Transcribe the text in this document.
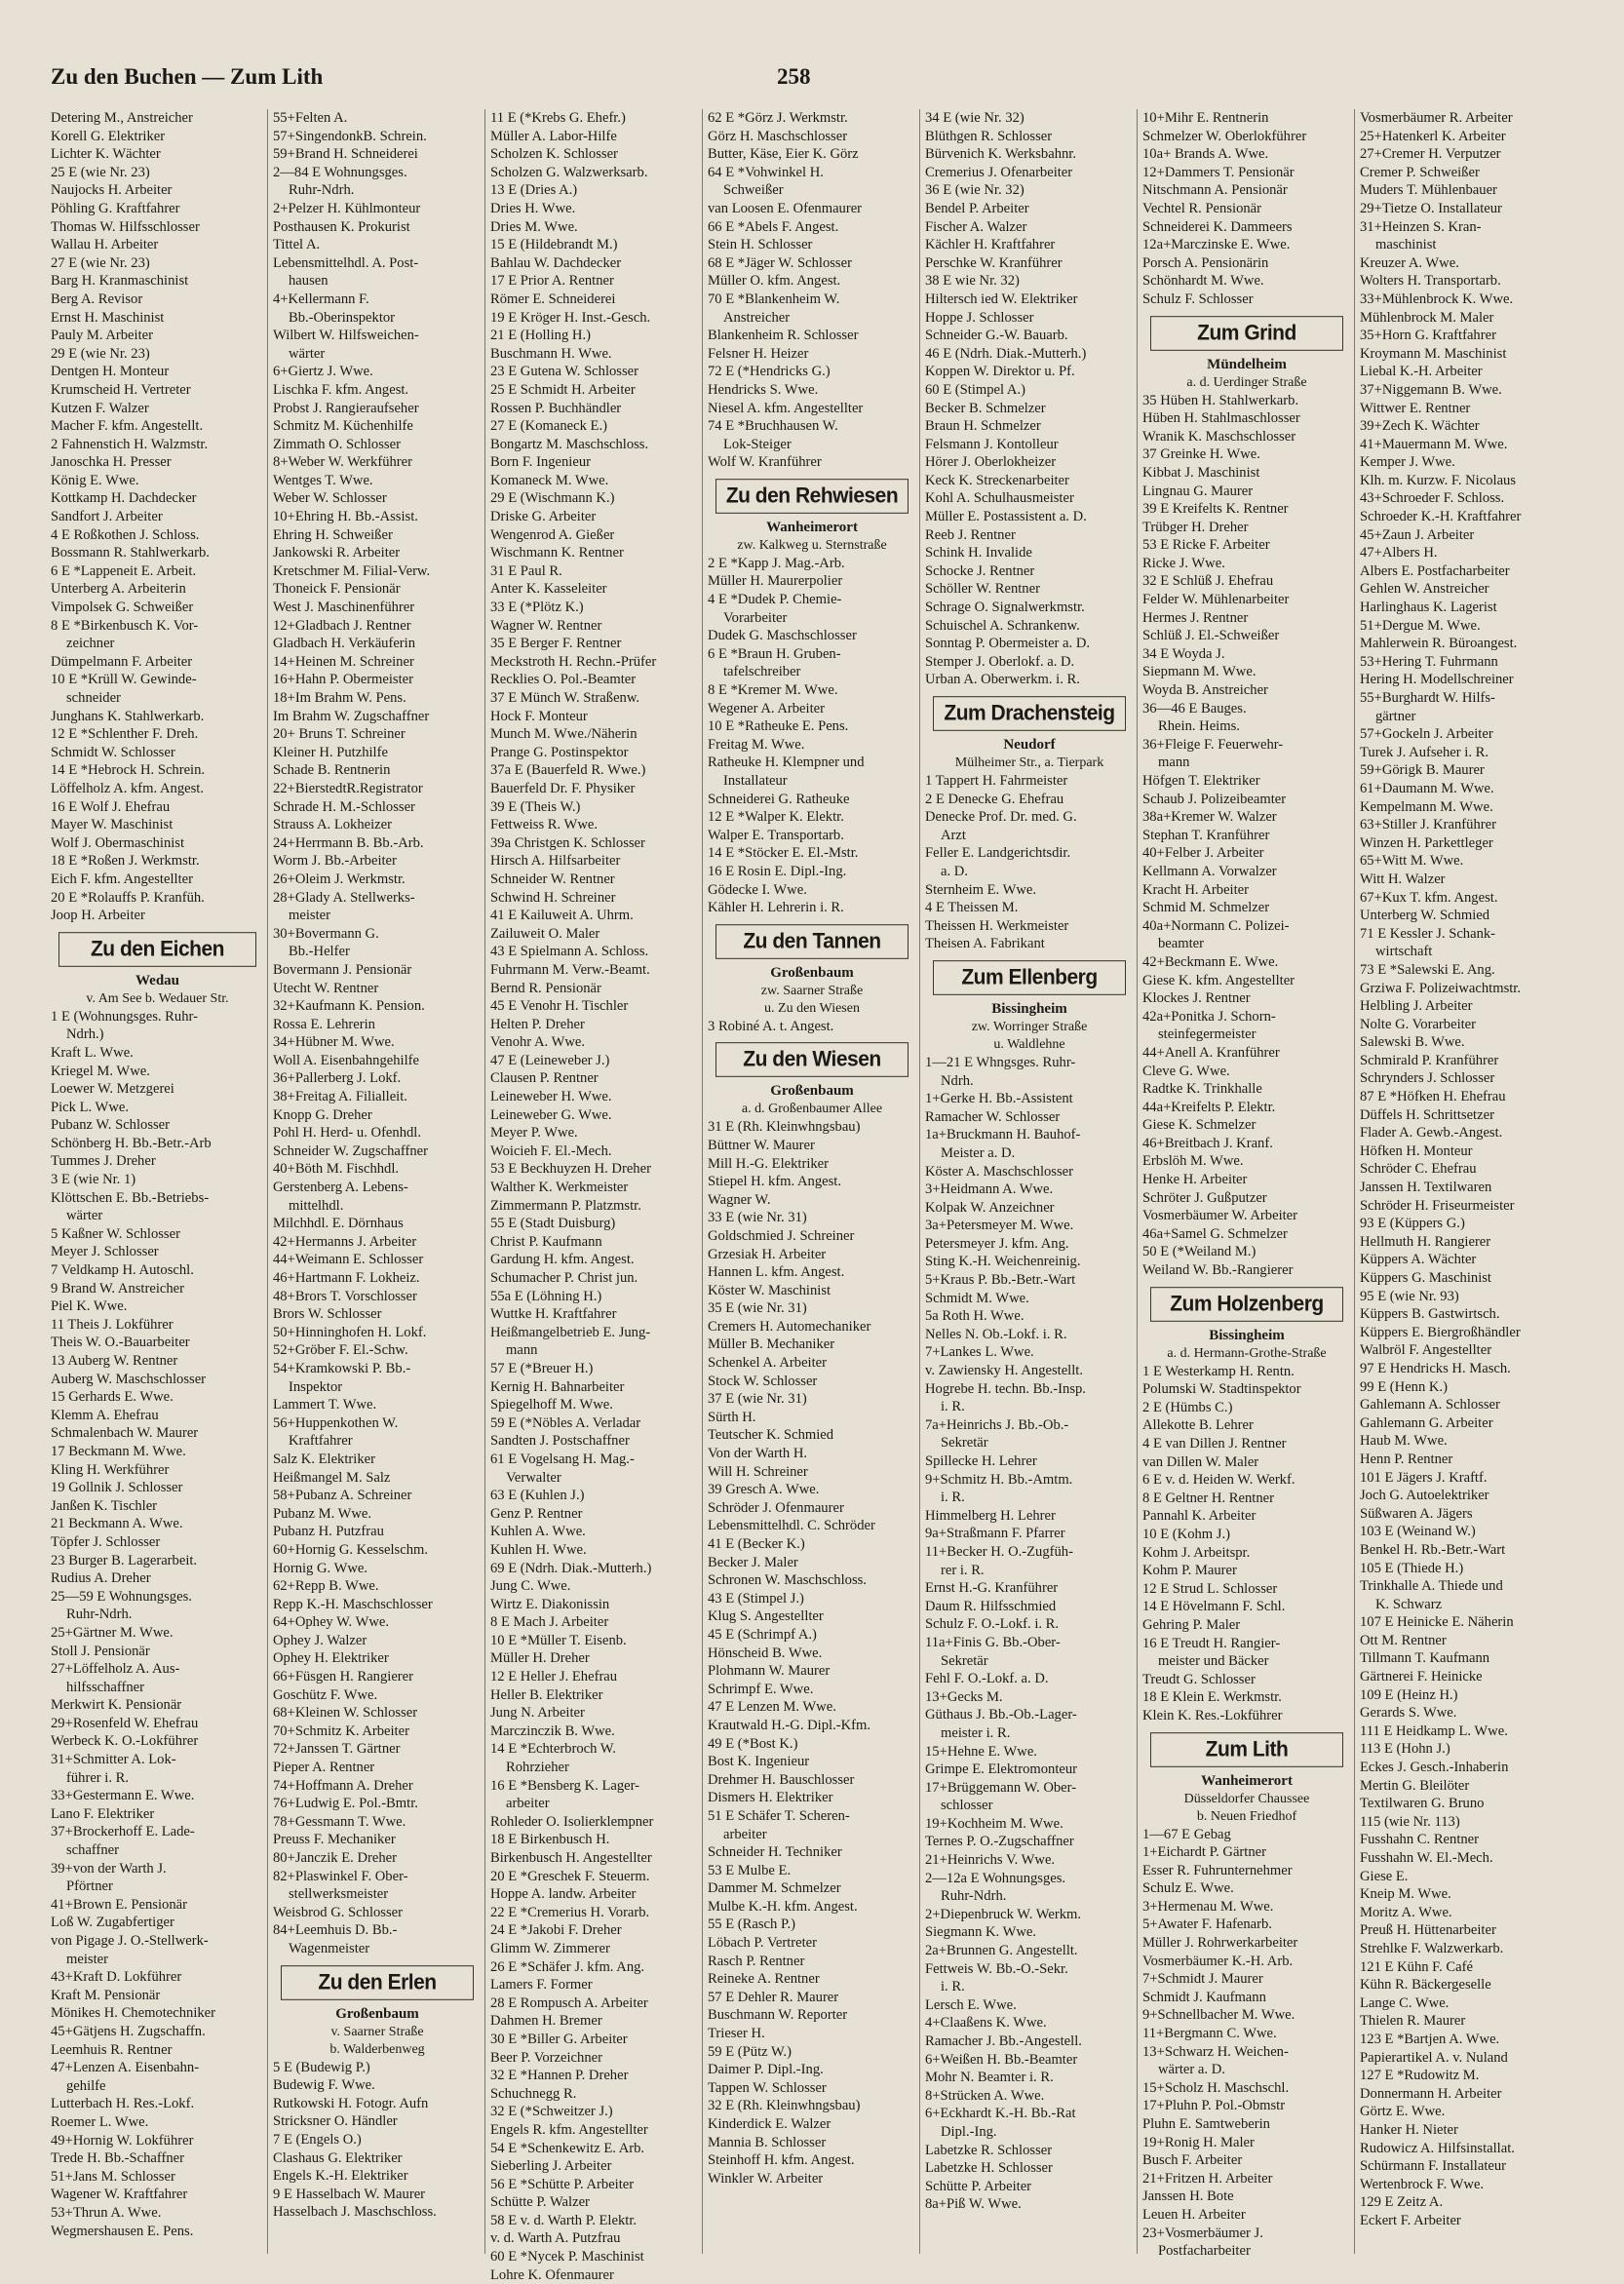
Zu den Buchen — Zum Lith	258
Detering M., Anstreicher
Korell G. Elektriker
Lichter K. Wächter
25 E (wie Nr. 23)
Naujocks H. Arbeiter
Pöhling G. Kraftfahrer
Thomas W. Hilfsschlosser
Wallau H. Arbeiter
27 E (wie Nr. 23)
Barg H. Kranmaschinist
Berg A. Revisor
Ernst H. Maschinist
Pauly M. Arbeiter
29 E (wie Nr. 23)
Dentgen H. Monteur
Krumscheid H. Vertreter
Kutzen F. Walzer
Macher F. kfm. Angestellt.
2 Fahnenstich H. Walzmstr.
Janoschka H. Presser
König E. Wwe.
Kottkamp H. Dachdecker
Sandfort J. Arbeiter
4 E Roßkothen J. Schloss.
Bossmann R. Stahlwerkarb.
6 E *Lappeneit E. Arbeit.
Unterberg A. Arbeiterin
Vimpolsek G. Schweißer
8 E *Birkenbusch K. Vor-
zeichner
Dümpelmann F. Arbeiter
10 E *Krüll W. Gewinde-
schneider
Junghans K. Stahlwerkarb.
12 E *Schlenther F. Dreh.
Schmidt W. Schlosser
14 E *Hebrock H. Schrein.
Löffelholz A. kfm. Angest.
16 E Wolf J. Ehefrau
Mayer W. Maschinist
Wolf J. Obermaschinist
18 E *Roßen J. Werkmstr.
Eich F. kfm. Angestellter
20 E *Rolauffs P. Kranfüh.
Joop H. Arbeiter
Zu den Eichen
Wedau
v. Am See b. Wedauer Str.
1 E (Wohnungsges. Ruhr-
Ndrh.)
Kraft L. Wwe.
Kriegel M. Wwe.
Loewer W. Metzgerei
Pick L. Wwe.
Pubanz W. Schlosser
Schönberg H. Bb.-Betr.-Arb
Tummes J. Dreher
3 E (wie Nr. 1)
Klöttschen E. Bb.-Betriebs-
wärter
5 Kaßner W. Schlosser
Meyer J. Schlosser
7 Veldkamp H. Autoschl.
9 Brand W. Anstreicher
Piel K. Wwe.
11 Theis J. Lokführer
Theis W. O.-Bauarbeiter
13 Auberg W. Rentner
Auberg W. Maschschlosser
15 Gerhards E. Wwe.
Klemm A. Ehefrau
Schmalenbach W. Maurer
17 Beckmann M. Wwe.
Kling H. Werkführer
19 Gollnik J. Schlosser
Janßen K. Tischler
21 Beckmann A. Wwe.
Töpfer J. Schlosser
23 Burger B. Lagerarbeit.
Rudius A. Dreher
25—59 E Wohnungsges.
Ruhr-Ndrh.
25+Gärtner M. Wwe.
Stoll J. Pensionär
27+Löffelholz A. Aus-
hilfsschaffner
Merkwirt K. Pensionär
29+Rosenfeld W. Ehefrau
Werbeck K. O.-Lokführer
31+Schmitter A. Lok-
führer i. R.
33+Gestermann E. Wwe.
Lano F. Elektriker
37+Brockerhoff E. Lade-
schaffner
39+von der Warth J.
Pförtner
41+Brown E. Pensionär
Loß W. Zugabfertiger
von Pigage J. O.-Stellwerk-
meister
43+Kraft D. Lokführer
Kraft M. Pensionär
Mönikes H. Chemotechniker
45+Gätjens H. Zugschaffn.
Leemhuis R. Rentner
47+Lenzen A. Eisenbahn-
gehilfe
Lutterbach H. Res.-Lokf.
Roemer L. Wwe.
49+Hornig W. Lokführer
Trede H. Bb.-Schaffner
51+Jans M. Schlosser
Wagener W. Kraftfahrer
53+Thrun A. Wwe.
Wegmershausen E. Pens.
55+Felten A.
57+SingendonkB. Schrein.
59+Brand H. Schneiderei
2—84 E Wohnungsges.
Ruhr-Ndrh.
2+Pelzer H. Kühlmonteur
Posthausen K. Prokurist
Tittel A.
Lebensmittelhdl. A. Post-
hausen
4+Kellermann F.
Bb.-Oberinspektor
Wilbert W. Hilfsweichen-
wärter
6+Giertz J. Wwe.
Lischka F. kfm. Angest.
Probst J. Rangieraufseher
Schmitz M. Küchenhilfe
Zimmath O. Schlosser
8+Weber W. Werkführer
Wentges T. Wwe.
Weber W. Schlosser
10+Ehring H. Bb.-Assist.
Ehring H. Schweißer
Jankowski R. Arbeiter
Kretschmer M. Filial-Verw.
Thoneick F. Pensionär
West J. Maschinenführer
12+Gladbach J. Rentner
Gladbach H. Verkäuferin
14+Heinen M. Schreiner
16+Hahn P. Obermeister
18+Im Brahm W. Pens.
Im Brahm W. Zugschaffner
20+ Bruns T. Schreiner
Kleiner H. Putzhilfe
Schade B. Rentnerin
22+BierstedtR.Registrator
Schrade H. M.-Schlosser
Strauss A. Lokheizer
24+Herrmann B. Bb.-Arb.
Worm J. Bb.-Arbeiter
26+Oleim J. Werkmstr.
28+Glady A. Stellwerks-
meister
30+Bovermann G.
Bb.-Helfer
Bovermann J. Pensionär
Utecht W. Rentner
32+Kaufmann K. Pension.
Rossa E. Lehrerin
34+Hübner M. Wwe.
Woll A. Eisenbahngehilfe
36+Pallerberg J. Lokf.
38+Freitag A. Filialleit.
Knopp G. Dreher
Pohl H. Herd- u. Ofenhdl.
Schneider W. Zugschaffner
40+Böth M. Fischhdl.
Gerstenberg A. Lebens-
mittelhdl.
Milchhdl. E. Dörnhaus
42+Hermanns J. Arbeiter
44+Weimann E. Schlosser
46+Hartmann F. Lokheiz.
48+Brors T. Vorschlosser
Brors W. Schlosser
50+Hinninghofen H. Lokf.
52+Gröber F. El.-Schw.
54+Kramkowski P. Bb.-
Inspektor
Lammert T. Wwe.
56+Huppenkothen W.
Kraftfahrer
Salz K. Elektriker
Heißmangel M. Salz
58+Pubanz A. Schreiner
Pubanz M. Wwe.
Pubanz H. Putzfrau
60+Hornig G. Kesselschm.
Hornig G. Wwe.
62+Repp B. Wwe.
Repp K.-H. Maschschlosser
64+Ophey W. Wwe.
Ophey J. Walzer
Ophey H. Elektriker
66+Füsgen H. Rangierer
Goschütz F. Wwe.
68+Kleinen W. Schlosser
70+Schmitz K. Arbeiter
72+Janssen T. Gärtner
Pieper A. Rentner
74+Hoffmann A. Dreher
76+Ludwig E. Pol.-Bmtr.
78+Gessmann T. Wwe.
Preuss F. Mechaniker
80+Janczik E. Dreher
82+Plaswinkel F. Ober-
stellwerksmeister
Weisbrod G. Schlosser
84+Leemhuis D. Bb.-
Wagenmeister
Zu den Erlen
Großenbaum
v. Saarner Straße
b. Walderbenweg
5 E (Budewig P.)
Budewig F. Wwe.
Rutkowski H. Fotogr. Aufn
Stricksner O. Händler
7 E (Engels O.)
Clashaus G. Elektriker
Engels K.-H. Elektriker
9 E Hasselbach W. Maurer
Hasselbach J. Maschschloss.
11 E (*Krebs G. Ehefr.)
Müller A. Labor-Hilfe
Scholzen K. Schlosser
Scholzen G. Walzwerksarb.
13 E (Dries A.)
Dries H. Wwe.
Dries M. Wwe.
15 E (Hildebrandt M.)
Bahlau W. Dachdecker
17 E Prior A. Rentner
Römer E. Schneiderei
19 E Kröger H. Inst.-Gesch.
21 E (Holling H.)
Buschmann H. Wwe.
23 E Gutena W. Schlosser
25 E Schmidt H. Arbeiter
Rossen P. Buchhändler
27 E (Komaneck E.)
Bongartz M. Maschschloss.
Born F. Ingenieur
Komaneck M. Wwe.
29 E (Wischmann K.)
Driske G. Arbeiter
Wengenrod A. Gießer
Wischmann K. Rentner
31 E Paul R.
Anter K. Kasseleiter
33 E (*Plötz K.)
Wagner W. Rentner
35 E Berger F. Rentner
Meckstroth H. Rechn.-Prüfer
Recklies O. Pol.-Beamter
37 E Münch W. Straßenw.
Hock F. Monteur
Munch M. Wwe./Näherin
Prange G. Postinspektor
37a E (Bauerfeld R. Wwe.)
Bauerfeld Dr. F. Physiker
39 E (Theis W.)
Fettweiss R. Wwe.
39a Christgen K. Schlosser
Hirsch A. Hilfsarbeiter
Schneider W. Rentner
Schwind H. Schreiner
41 E Kailuweit A. Uhrm.
Zailuweit O. Maler
43 E Spielmann A. Schloss.
Fuhrmann M. Verw.-Beamt.
Bernd R. Pensionär
45 E Venohr H. Tischler
Helten P. Dreher
Venohr A. Wwe.
47 E (Leineweber J.)
Clausen P. Rentner
Leineweber H. Wwe.
Leineweber G. Wwe.
Meyer P. Wwe.
Woicieh F. El.-Mech.
53 E Beckhuyzen H. Dreher
Walther K. Werkmeister
Zimmermann P. Platzmstr.
55 E (Stadt Duisburg)
Christ P. Kaufmann
Gardung H. kfm. Angest.
Schumacher P. Christ jun.
55a E (Löhning H.)
Wuttke H. Kraftfahrer
Heißmangelbetrieb E. Jung-
mann
57 E (*Breuer H.)
Kernig H. Bahnarbeiter
Spiegelhoff M. Wwe.
59 E (*Nöbles A. Verladar
Sandten J. Postschaffner
61 E Vogelsang H. Mag.-
Verwalter
63 E (Kuhlen J.)
Genz P. Rentner
Kuhlen A. Wwe.
Kuhlen H. Wwe.
69 E (Ndrh. Diak.-Mutterh.)
Jung C. Wwe.
Wirtz E. Diakonissin
8 E Mach J. Arbeiter
10 E *Müller T. Eisenb.
Müller H. Dreher
12 E Heller J. Ehefrau
Heller B. Elektriker
Jung N. Arbeiter
Marczinczik B. Wwe.
14 E *Echterbroch W.
Rohrzieher
16 E *Bensberg K. Lager-
arbeiter
Rohleder O. Isolierklempner
18 E Birkenbusch H.
Birkenbusch H. Angestellter
20 E *Greschek F. Steuerm.
Hoppe A. landw. Arbeiter
22 E *Cremerius H. Vorarb.
24 E *Jakobi F. Dreher
Glimm W. Zimmerer
26 E *Schäfer J. kfm. Ang.
Lamers F. Former
28 E Rompusch A. Arbeiter
Dahmen H. Bremer
30 E *Biller G. Arbeiter
Beer P. Vorzeichner
32 E *Hannen P. Dreher
Schuchnegg R.
32 E (*Schweitzer J.)
Engels R. kfm. Angestellter
54 E *Schenkewitz E. Arb.
Sieberling J. Arbeiter
56 E *Schütte P. Arbeiter
Schütte P. Walzer
58 E v. d. Warth P. Elektr.
v. d. Warth A. Putzfrau
60 E *Nycek P. Maschinist
Lohre K. Ofenmaurer
62 E *Görz J. Werkmstr.
Görz H. Maschschlosser
Butter, Käse, Eier K. Görz
64 E *Vohwinkel H.
Schweißer
van Loosen E. Ofenmaurer
66 E *Abels F. Angest.
Stein H. Schlosser
68 E *Jäger W. Schlosser
Müller O. kfm. Angest.
70 E *Blankenheim W.
Anstreicher
Blankenheim R. Schlosser
Felsner H. Heizer
72 E (*Hendricks G.)
Hendricks S. Wwe.
Niesel A. kfm. Angestellter
74 E *Bruchhausen W.
Lok-Steiger
Wolf W. Kranführer
Zu den Rehwiesen
Wanheimerort
zw. Kalkweg u. Sternstraße
2 E *Kapp J. Mag.-Arb.
Müller H. Maurerpolier
4 E *Dudek P. Chemie-
Vorarbeiter
Dudek G. Maschschlosser
6 E *Braun H. Gruben-
tafelschreiber
8 E *Kremer M. Wwe.
Wegener A. Arbeiter
10 E *Ratheuke E. Pens.
Freitag M. Wwe.
Ratheuke H. Klempner und
Installateur
Schneiderei G. Ratheuke
12 E *Walper K. Elektr.
Walper E. Transportarb.
14 E *Stöcker E. El.-Mstr.
16 E Rosin E. Dipl.-Ing.
Gödecke I. Wwe.
Kähler H. Lehrerin i. R.
Zu den Tannen
Großenbaum
zw. Saarner Straße
u. Zu den Wiesen
3 Robiné A. t. Angest.
Zu den Wiesen
Großenbaum
a. d. Großenbaumer Allee
31 E (Rh. Kleinwhngsbau)
Büttner W. Maurer
Mill H.-G. Elektriker
Stiepel H. kfm. Angest.
Wagner W.
33 E (wie Nr. 31)
Goldschmied J. Schreiner
Grzesiak H. Arbeiter
Hannen L. kfm. Angest.
Köster W. Maschinist
35 E (wie Nr. 31)
Cremers H. Automechaniker
Müller B. Mechaniker
Schenkel A. Arbeiter
Stock W. Schlosser
37 E (wie Nr. 31)
Sürth H.
Teutscher K. Schmied
Von der Warth H.
Will H. Schreiner
39 Gresch A. Wwe.
Schröder J. Ofenmaurer
Lebensmittelhdl. C. Schröder
41 E (Becker K.)
Becker J. Maler
Schronen W. Maschschloss.
43 E (Stimpel J.)
Klug S. Angestellter
45 E (Schrimpf A.)
Hönscheid B. Wwe.
Plohmann W. Maurer
Schrimpf E. Wwe.
47 E Lenzen M. Wwe.
Krautwald H.-G. Dipl.-Kfm.
49 E (*Bost K.)
Bost K. Ingenieur
Drehmer H. Bauschlosser
Dismers H. Elektriker
51 E Schäfer T. Scheren-
arbeiter
Schneider H. Techniker
53 E Mulbe E.
Dammer M. Schmelzer
Mulbe K.-H. kfm. Angest.
55 E (Rasch P.)
Löbach P. Vertreter
Rasch P. Rentner
Reineke A. Rentner
57 E Dehler R. Maurer
Buschmann W. Reporter
Trieser H.
59 E (Pütz W.)
Daimer P. Dipl.-Ing.
Tappen W. Schlosser
32 E (Rh. Kleinwhngsbau)
Kinderdick E. Walzer
Mannia B. Schlosser
Steinhoff H. kfm. Angest.
Winkler W. Arbeiter
34 E (wie Nr. 32)
Blüthgen R. Schlosser
Bürvenich K. Werksbahnr.
Cremerius J. Ofenarbeiter
36 E (wie Nr. 32)
Bendel P. Arbeiter
Fischer A. Walzer
Kächler H. Kraftfahrer
Perschke W. Kranführer
38 E wie Nr. 32)
Hiltersch ied W. Elektriker
Hoppe J. Schlosser
Schneider G.-W. Bauarb.
46 E (Ndrh. Diak.-Mutterh.)
Koppen W. Direktor u. Pf.
60 E (Stimpel A.)
Becker B. Schmelzer
Braun H. Schmelzer
Felsmann J. Kontolleur
Hörer J. Oberlokheizer
Keck K. Streckenarbeiter
Kohl A. Schulhausmeister
Müller E. Postassistent a. D.
Reeb J. Rentner
Schink H. Invalide
Schocke J. Rentner
Schöller W. Rentner
Schrage O. Signalwerkmstr.
Schuischel A. Schrankenw.
Sonntag P. Obermeister a. D.
Stemper J. Oberlokf. a. D.
Urban A. Oberwerkm. i. R.
Zum Drachensteig
Neudorf
Mülheimer Str., a. Tierpark
1 Tappert H. Fahrmeister
2 E Denecke G. Ehefrau
Denecke Prof. Dr. med. G.
Arzt
Feller E. Landgerichtsdir.
a. D.
Sternheim E. Wwe.
4 E Theissen M.
Theissen H. Werkmeister
Theisen A. Fabrikant
Zum Ellenberg
Bissingheim
zw. Worringer Straße
u. Waldlehne
1—21 E Whngsges. Ruhr-
Ndrh.
1+Gerke H. Bb.-Assistent
Ramacher W. Schlosser
1a+Bruckmann H. Bauhof-
Meister a. D.
Köster A. Maschschlosser
3+Heidmann A. Wwe.
Kolpak W. Anzeichner
3a+Petersmeyer M. Wwe.
Petersmeyer J. kfm. Ang.
Sting K.-H. Weichenreinig.
5+Kraus P. Bb.-Betr.-Wart
Schmidt M. Wwe.
5a Roth H. Wwe.
Nelles N. Ob.-Lokf. i. R.
7+Lankes L. Wwe.
v. Zawiensky H. Angestellt.
Hogrebe H. techn. Bb.-Insp.
i. R.
7a+Heinrichs J. Bb.-Ob.-
Sekretär
Spillecke H. Lehrer
9+Schmitz H. Bb.-Amtm.
i. R.
Himmelberg H. Lehrer
9a+Straßmann F. Pfarrer
11+Becker H. O.-Zugfüh-
rer i. R.
Ernst H.-G. Kranführer
Daum R. Hilfsschmied
Schulz F. O.-Lokf. i. R.
11a+Finis G. Bb.-Ober-
Sekretär
Fehl F. O.-Lokf. a. D.
13+Gecks M.
Güthaus J. Bb.-Ob.-Lager-
meister i. R.
15+Hehne E. Wwe.
Grimpe E. Elektromonteur
17+Brüggemann W. Ober-
schlosser
19+Kochheim M. Wwe.
Ternes P. O.-Zugschaffner
21+Heinrichs V. Wwe.
2—12a E Wohnungsges.
Ruhr-Ndrh.
2+Diepenbruck W. Werkm.
Siegmann K. Wwe.
2a+Brunnen G. Angestellt.
Fettweis W. Bb.-O.-Sekr.
i. R.
Lersch E. Wwe.
4+Claaßens K. Wwe.
Ramacher J. Bb.-Angestell.
6+Weißen H. Bb.-Beamter
Mohr N. Beamter i. R.
8+Strücken A. Wwe.
6+Eckhardt K.-H. Bb.-Rat
Dipl.-Ing.
Labetzke R. Schlosser
Labetzke H. Schlosser
Schütte P. Arbeiter
8a+Piß W. Wwe.
10+Mihr E. Rentnerin
Schmelzer W. Oberlokführer
10a+ Brands A. Wwe.
12+Dammers T. Pensionär
Nitschmann A. Pensionär
Vechtel R. Pensionär
Schneiderei K. Dammeers
12a+Marczinske E. Wwe.
Porsch A. Pensionärin
Schönhardt M. Wwe.
Schulz F. Schlosser
Zum Grind
Mündelheim
a. d. Uerdinger Straße
35 Hüben H. Stahlwerkarb.
Hüben H. Stahlmaschlosser
Wranik K. Maschschlosser
37 Greinke H. Wwe.
Kibbat J. Maschinist
Lingnau G. Maurer
39 E Kreifelts K. Rentner
Trübger H. Dreher
53 E Ricke F. Arbeiter
Ricke J. Wwe.
32 E Schlüß J. Ehefrau
Felder W. Mühlenarbeiter
Hermes J. Rentner
Schlüß J. El.-Schweißer
34 E Woyda J.
Siepmann M. Wwe.
Woyda B. Anstreicher
36—46 E Bauges.
Rhein. Heims.
36+Fleige F. Feuerwehr-
mann
Höfgen T. Elektriker
Schaub J. Polizeibeamter
38a+Kremer W. Walzer
Stephan T. Kranführer
40+Felber J. Arbeiter
Kellmann A. Vorwalzer
Kracht H. Arbeiter
Schmid M. Schmelzer
40a+Normann C. Polizei-
beamter
42+Beckmann E. Wwe.
Giese K. kfm. Angestellter
Klockes J. Rentner
42a+Ponitka J. Schorn-
steinfegermeister
44+Anell A. Kranführer
Cleve G. Wwe.
Radtke K. Trinkhalle
44a+Kreifelts P. Elektr.
Giese K. Schmelzer
46+Breitbach J. Kranf.
Erbslöh M. Wwe.
Henke H. Arbeiter
Schröter J. Gußputzer
Vosmerbäumer W. Arbeiter
46a+Samel G. Schmelzer
50 E (*Weiland M.)
Weiland W. Bb.-Rangierer
Zum Holzenberg
Bissingheim
a. d. Hermann-Grothe-Straße
1 E Westerkamp H. Rentn.
Polumski W. Stadtinspektor
2 E (Hümbs C.)
Allekotte B. Lehrer
4 E van Dillen J. Rentner
van Dillen W. Maler
6 E v. d. Heiden W. Werkf.
8 E Geltner H. Rentner
Pannahl K. Arbeiter
10 E (Kohm J.)
Kohm J. Arbeitspr.
Kohm P. Maurer
12 E Strud L. Schlosser
14 E Hövelmann F. Schl.
Gehring P. Maler
16 E Treudt H. Rangier-
meister und Bäcker
Treudt G. Schlosser
18 E Klein E. Werkmstr.
Klein K. Res.-Lokführer
Zum Lith
Wanheimerort
Düsseldorfer Chaussee
b. Neuen Friedhof
1—67 E Gebag
1+Eichardt P. Gärtner
Esser R. Fuhrunternehmer
Schulz E. Wwe.
3+Hermenau M. Wwe.
5+Awater F. Hafenarb.
Müller J. Rohrwerkarbeiter
Vosmerbäumer K.-H. Arb.
7+Schmidt J. Maurer
Schmidt J. Kaufmann
9+Schnellbacher M. Wwe.
11+Bergmann C. Wwe.
13+Schwarz H. Weichen-
wärter a. D.
15+Scholz H. Maschschl.
17+Pluhn P. Pol.-Obmstr
Pluhn E. Samtweberin
19+Ronig H. Maler
Busch F. Arbeiter
21+Fritzen H. Arbeiter
Janssen H. Bote
Leuen H. Arbeiter
23+Vosmerbäumer J.
Postfacharbeiter
Vosmerbäumer R. Arbeiter
25+Hatenkerl K. Arbeiter
27+Cremer H. Verputzer
Cremer P. Schweißer
Muders T. Mühlenbauer
29+Tietze O. Installateur
31+Heinzen S. Kran-
maschinist
Kreuzer A. Wwe.
Wolters H. Transportarb.
33+Mühlenbrock K. Wwe.
Mühlenbrock M. Maler
35+Horn G. Kraftfahrer
Kroymann M. Maschinist
Liebal K.-H. Arbeiter
37+Niggemann B. Wwe.
Wittwer E. Rentner
39+Zech K. Wächter
41+Mauermann M. Wwe.
Kemper J. Wwe.
Klh. m. Kurzw. F. Nicolaus
43+Schroeder F. Schloss.
Schroeder K.-H. Kraftfahrer
45+Zaun J. Arbeiter
47+Albers H.
Albers E. Postfacharbeiter
Gehlen W. Anstreicher
Harlinghaus K. Lagerist
51+Dergue M. Wwe.
Mahlerwein R. Büroangest.
53+Hering T. Fuhrmann
Hering H. Modellschreiner
55+Burghardt W. Hilfs-
gärtner
57+Gockeln J. Arbeiter
Turek J. Aufseher i. R.
59+Görigk B. Maurer
61+Daumann M. Wwe.
Kempelmann M. Wwe.
63+Stiller J. Kranführer
Winzen H. Parkettleger
65+Witt M. Wwe.
Witt H. Walzer
67+Kux T. kfm. Angest.
Unterberg W. Schmied
71 E Kessler J. Schank-
wirtschaft
73 E *Salewski E. Ang.
Grziwa F. Polizeiwachtmstr.
Helbling J. Arbeiter
Nolte G. Vorarbeiter
Salewski B. Wwe.
Schmirald P. Kranführer
Schrynders J. Schlosser
87 E *Höfken H. Ehefrau
Düffels H. Schrittsetzer
Flader A. Gewb.-Angest.
Höfken H. Monteur
Schröder C. Ehefrau
Janssen H. Textilwaren
Schröder H. Friseurmeister
93 E (Küppers G.)
Hellmuth H. Rangierer
Küppers A. Wächter
Küppers G. Maschinist
95 E (wie Nr. 93)
Küppers B. Gastwirtsch.
Küppers E. Biergroßhändler
Walbröl F. Angestellter
97 E Hendricks H. Masch.
99 E (Henn K.)
Gahlemann A. Schlosser
Gahlemann G. Arbeiter
Haub M. Wwe.
Henn P. Rentner
101 E Jägers J. Kraftf.
Joch G. Autoelektriker
Süßwaren A. Jägers
103 E (Weinand W.)
Benkel H. Rb.-Betr.-Wart
105 E (Thiede H.)
Trinkhalle A. Thiede und
K. Schwarz
107 E Heinicke E. Näherin
Ott M. Rentner
Tillmann T. Kaufmann
Gärtnerei F. Heinicke
109 E (Heinz H.)
Gerards S. Wwe.
111 E Heidkamp L. Wwe.
113 E (Hohn J.)
Eckes J. Gesch.-Inhaberin
Mertin G. Bleilöter
Textilwaren G. Bruno
115 (wie Nr. 113)
Fusshahn C. Rentner
Fusshahn W. El.-Mech.
Giese E.
Kneip M. Wwe.
Moritz A. Wwe.
Preuß H. Hüttenarbeiter
Strehlke F. Walzwerkarb.
121 E Kühn F. Café
Kühn R. Bäckergeselle
Lange C. Wwe.
Thielen R. Maurer
123 E *Bartjen A. Wwe.
Papierartikel A. v. Nuland
127 E *Rudowitz M.
Donnermann H. Arbeiter
Görtz E. Wwe.
Hanker H. Nieter
Rudowicz A. Hilfsinstallat.
Schürmann F. Installateur
Wertenbrock F. Wwe.
129 E Zeitz A.
Eckert F. Arbeiter
